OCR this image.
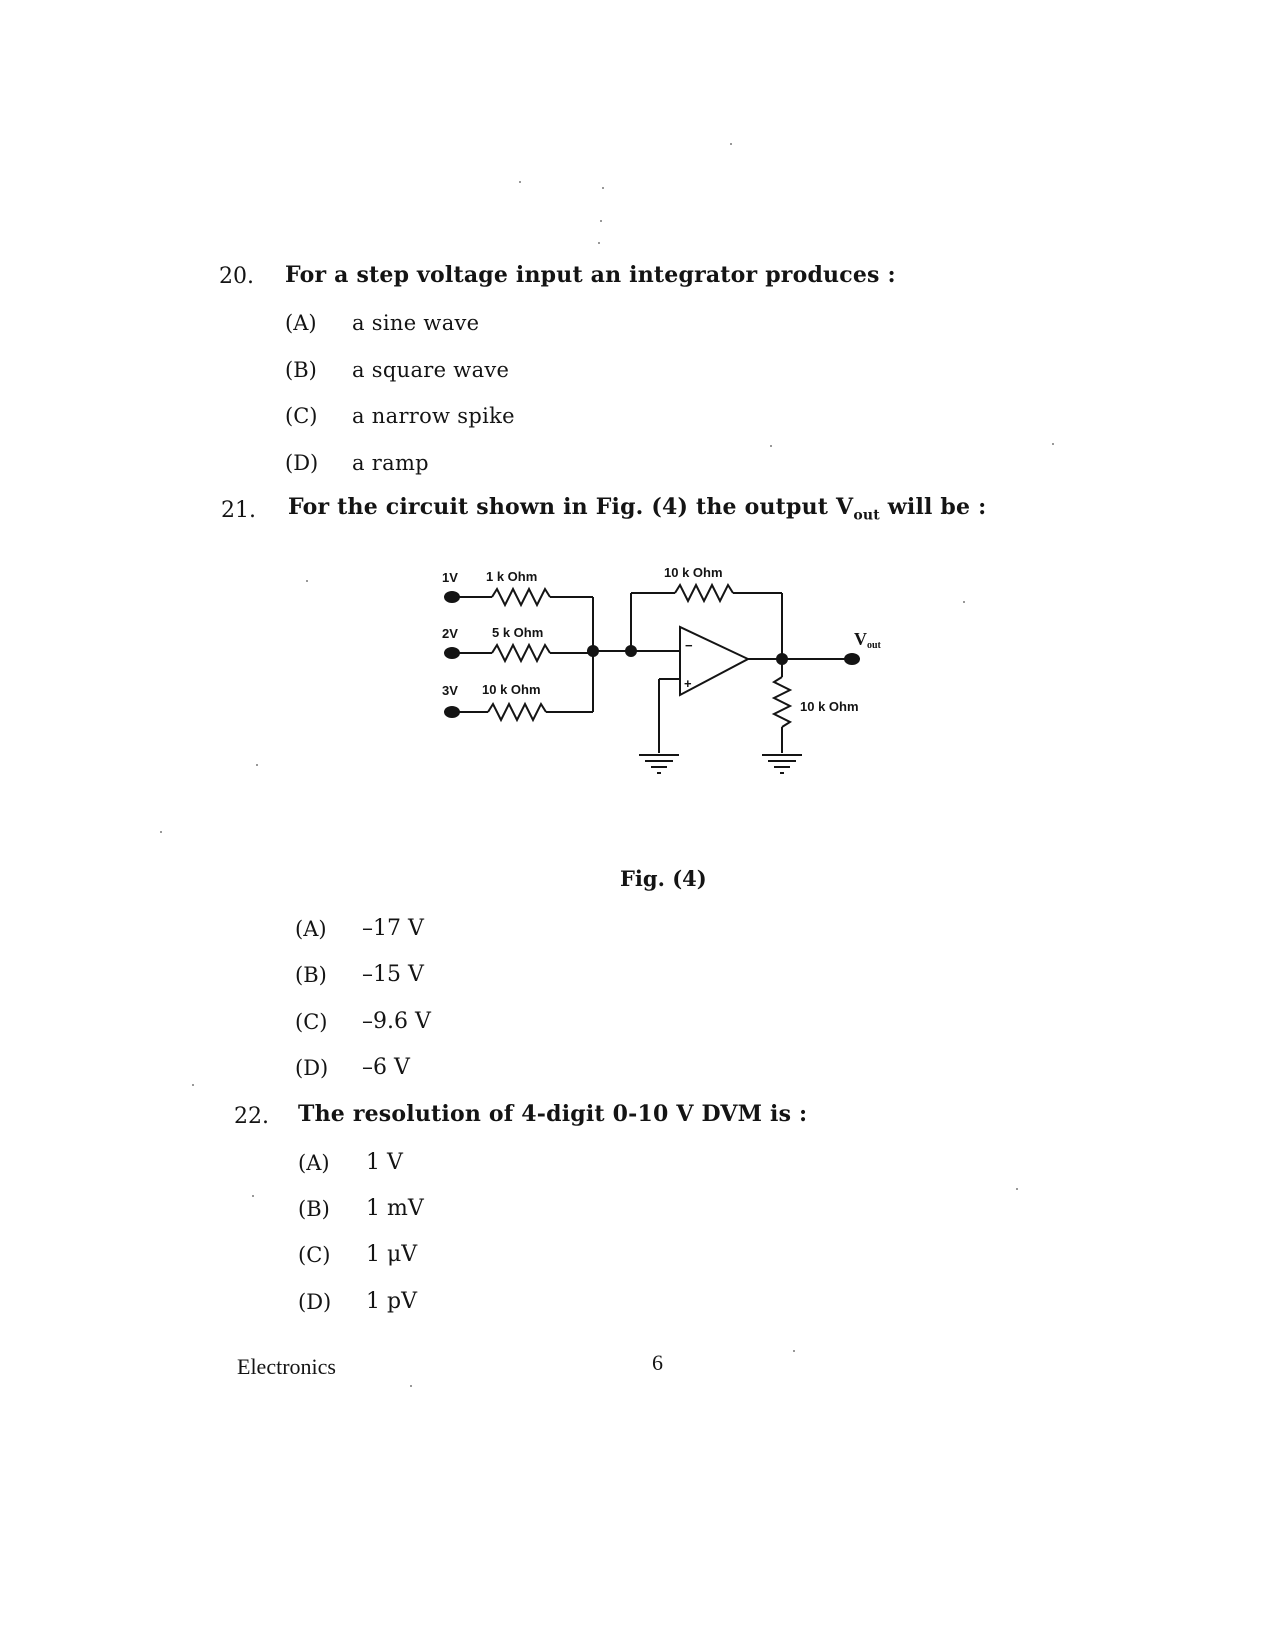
20. For a step voltage input an integrator produces :
(A) a sine wave
(B) a square wave
(C) a narrow spike
(D) a ramp
21. For the circuit shown in Fig. (4) the output $V_{out}$ will be :
−
+
1V 1 k Ohm
2V	5 k Ohm
3V 10 k Ohm
10 k Ohm
10 k Ohm
Vout
Fig. (4)
(A) –17 V
(B) –15 V
(C) –9.6 V
(D) –6 V
22. The resolution of 4-digit 0-10 V DVM is :
(A) 1 V
(B) 1 mV
(C) 1 μV
(D) 1 pV
Electronics	6
